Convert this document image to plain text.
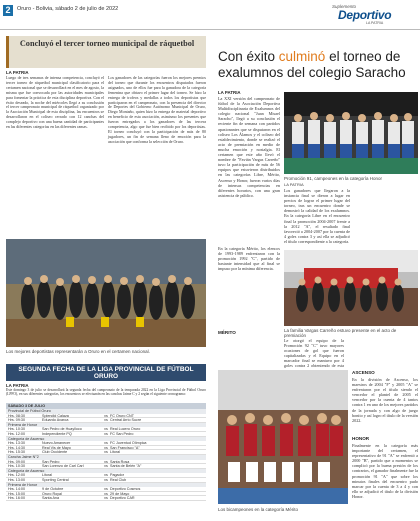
2	Oruro - Bolivia, sábado 2 de julio de 2022	Suplemento
Deportivo
LA PATRIA
Concluyó el tercer torneo municipal de ráquetbol
LA PATRIA
Luego de tres semanas de intensa competencia, concluyó el tercer torneo de ráquetbol municipal clasificatorio para el certamen nacional que se desarrollará en el mes de agosto, la misma que fue convocada por las autoridades municipales para fomentar la práctica de esta disciplina deportiva. Con el éxito deseado, la noche del miércoles llegó a su conclusión el tercer campeonato municipal de ráquetbol organizado por la Asociación Municipal de esta disciplina, las encuentros se desarrollaron en el coliseo cerrado con 12 canchas del complejo deportivo con una buena cantidad de participantes en las diferentes categorías en las diferentes ramas.
Los ganadores de las categorías fueron los mejores premios del torneo que durante los encuentros disputados fueron asignados, uno de ellos fue para la ganadora de la categoría femenina que obtuvo el primer lugar del torneo. Se hizo la entrega de trofeos y medallas a todos los deportistas que participaron en el campeonato, con la presencia del director de Deportes del Gobierno Autónomo Municipal de Oruro, Diego Montaño, quien hizo la entrega de material deportivo en beneficio de esta asociación, asimismo los presentes que fueron entregados a los ganadores de las tercera competencia, algo que fue bien recibido por los deportistas. El torneo concluyó con la participación de más de 80 jugadores, un fin de semana lleno de emoción para la asociación que conforma la selección de Oruro.
Los mejores deportistas representarán a Oruro en el certamen nacional.
SEGUNDA FECHA DE LA LIGA PROVINCIAL DE FÚTBOL ORURO
LA PATRIA
Este domingo 3 de julio se desarrollará la segunda fecha del campeonato de la temporada 2022 en la Liga Provincial de Fútbol Oruro (LPFO), en sus diferentes categorías, los encuentros se efectuarán en las canchas Jaime C y 2 según el siguiente cronograma:
SÁBADO 3 DE JULIO
Provincial de Fútbol Oruro
Hrs. 08:30	Splendid Calaza	vs FC Oruro CNT
Hrs. 09:30	Eduardo Avaroa	vs Central Arrio Sucre
Primera de Honor
Hrs. 10:30	San Pedro de Huaylloco	vs Real Lucero Oruro
Hrs. 12:00	Independiente PQ	vs FC San Pedro
Categoría de Ascenso
Hrs. 13:30	Nuevo Amanecer	vs FC Juventud Olímpica
Hrs. 14:30	Real Vis de Mayo	vs San Francisco "A"
Hrs. 15:30	Club Occidente	vs Litoral
Cancha Jaime N°2
Hrs. 09:00	San Pedro	vs Santa Rosa
Hrs. 10:30	San Lorenzo de Carl Carl	vs Santa de Belén "A"
Categoría de Ascenso
Hrs. 12:00	Litoral	vs Pagador
Hrs. 13:00	Sporting Central	vs Real Club
Primera de Honor
Hrs. 14:00	9 de Octubre	vs Deportivo Cosmos
Hrs. 15:00	Oruro Royal	vs 29 de Mayo
Hrs. 16:00	Santa Ana	vs Deportivo CAR
Con éxito culminó el torneo de exalumnos del colegio Saracho
LA PATRIA
La XXI versión del campeonato de fútbol de la Asociación Deportiva Multidisciplinaria de Exalumnos del colegio nacional "Juan Misael Saracho", llegó a su conclusión el reciente fin de semana con partidos apasionantes que se disputaron en el coliseo Los Álamos y el coliseo del establecimiento, donde se realizó el acto de premiación en medio de mucha emoción y nostalgia. El certamen que este año llevó el nombre de "Favián Vargas Carreño" tuvo la participación de más de 56 equipos que estuvieron distribuidos en las categorías Libre, Mérito, Ascenso y Honor, fueron varios días de intensas competencias en diferentes horarios, con una gran asistencia de público.
Promoción 91, campeones en la categoría Honor
LA PATRIA
Los ganadores que llegaron a la instancia final se dieron a lugar en precios de lograr el primer lugar del torneo, tras un encuentro donde se demostró la calidad de los exalumnos. En la categoría Libre en el encuentro final la promoción 2004-2007 frente a la 2012 "A", el resultado final favoreció a 2004-2007 por la cuenta de 4 goles contra 3 y así ella se adjudicó el título correspondiente a la categoría.
La familia Vargas Carreño estuvo presente en el acto de premiación
MÉRITO
En la categoría Mérito, los elencos de 1993-1989 enfrentaron con la promoción 1992 "C", partido de bastante intensidad que al final se impuso por la mínima diferencia.
Le otorgó el equipo de la Promoción 92 "C" tuvo mayores ocasiones de gol que fueron capitalizadas y el Equipo en el marcador final se mantuvo por 4 goles contra 2 obteniendo de esta
Los bicampeones en la categoría Mérito
ASCENSO
En la división de Ascenso, los maestros de 2004 "F" y 2005 "A" se enfrentaron por el título siendo el vencedor el plantel de 2005 el vencedor por la cuenta de 4 tantos contra 1 en uno de los mejores partidos de la jornada y con algo de juego bonito y así logro el título de la versión 2022.
HONOR
Finalmente en la categoría más importante del certamen, el representativo de 91 "A" se enfrentó a 2000 "B", partido que a momentos se complicó por la buena presión de los contrarios, el ganador finalmente fue la promoción 91 "A" que sobre los minutos finales del encuentro pudo marcar por la cuenta de 3 a 4 y con ello se adjudicó el título de la división Honor.
